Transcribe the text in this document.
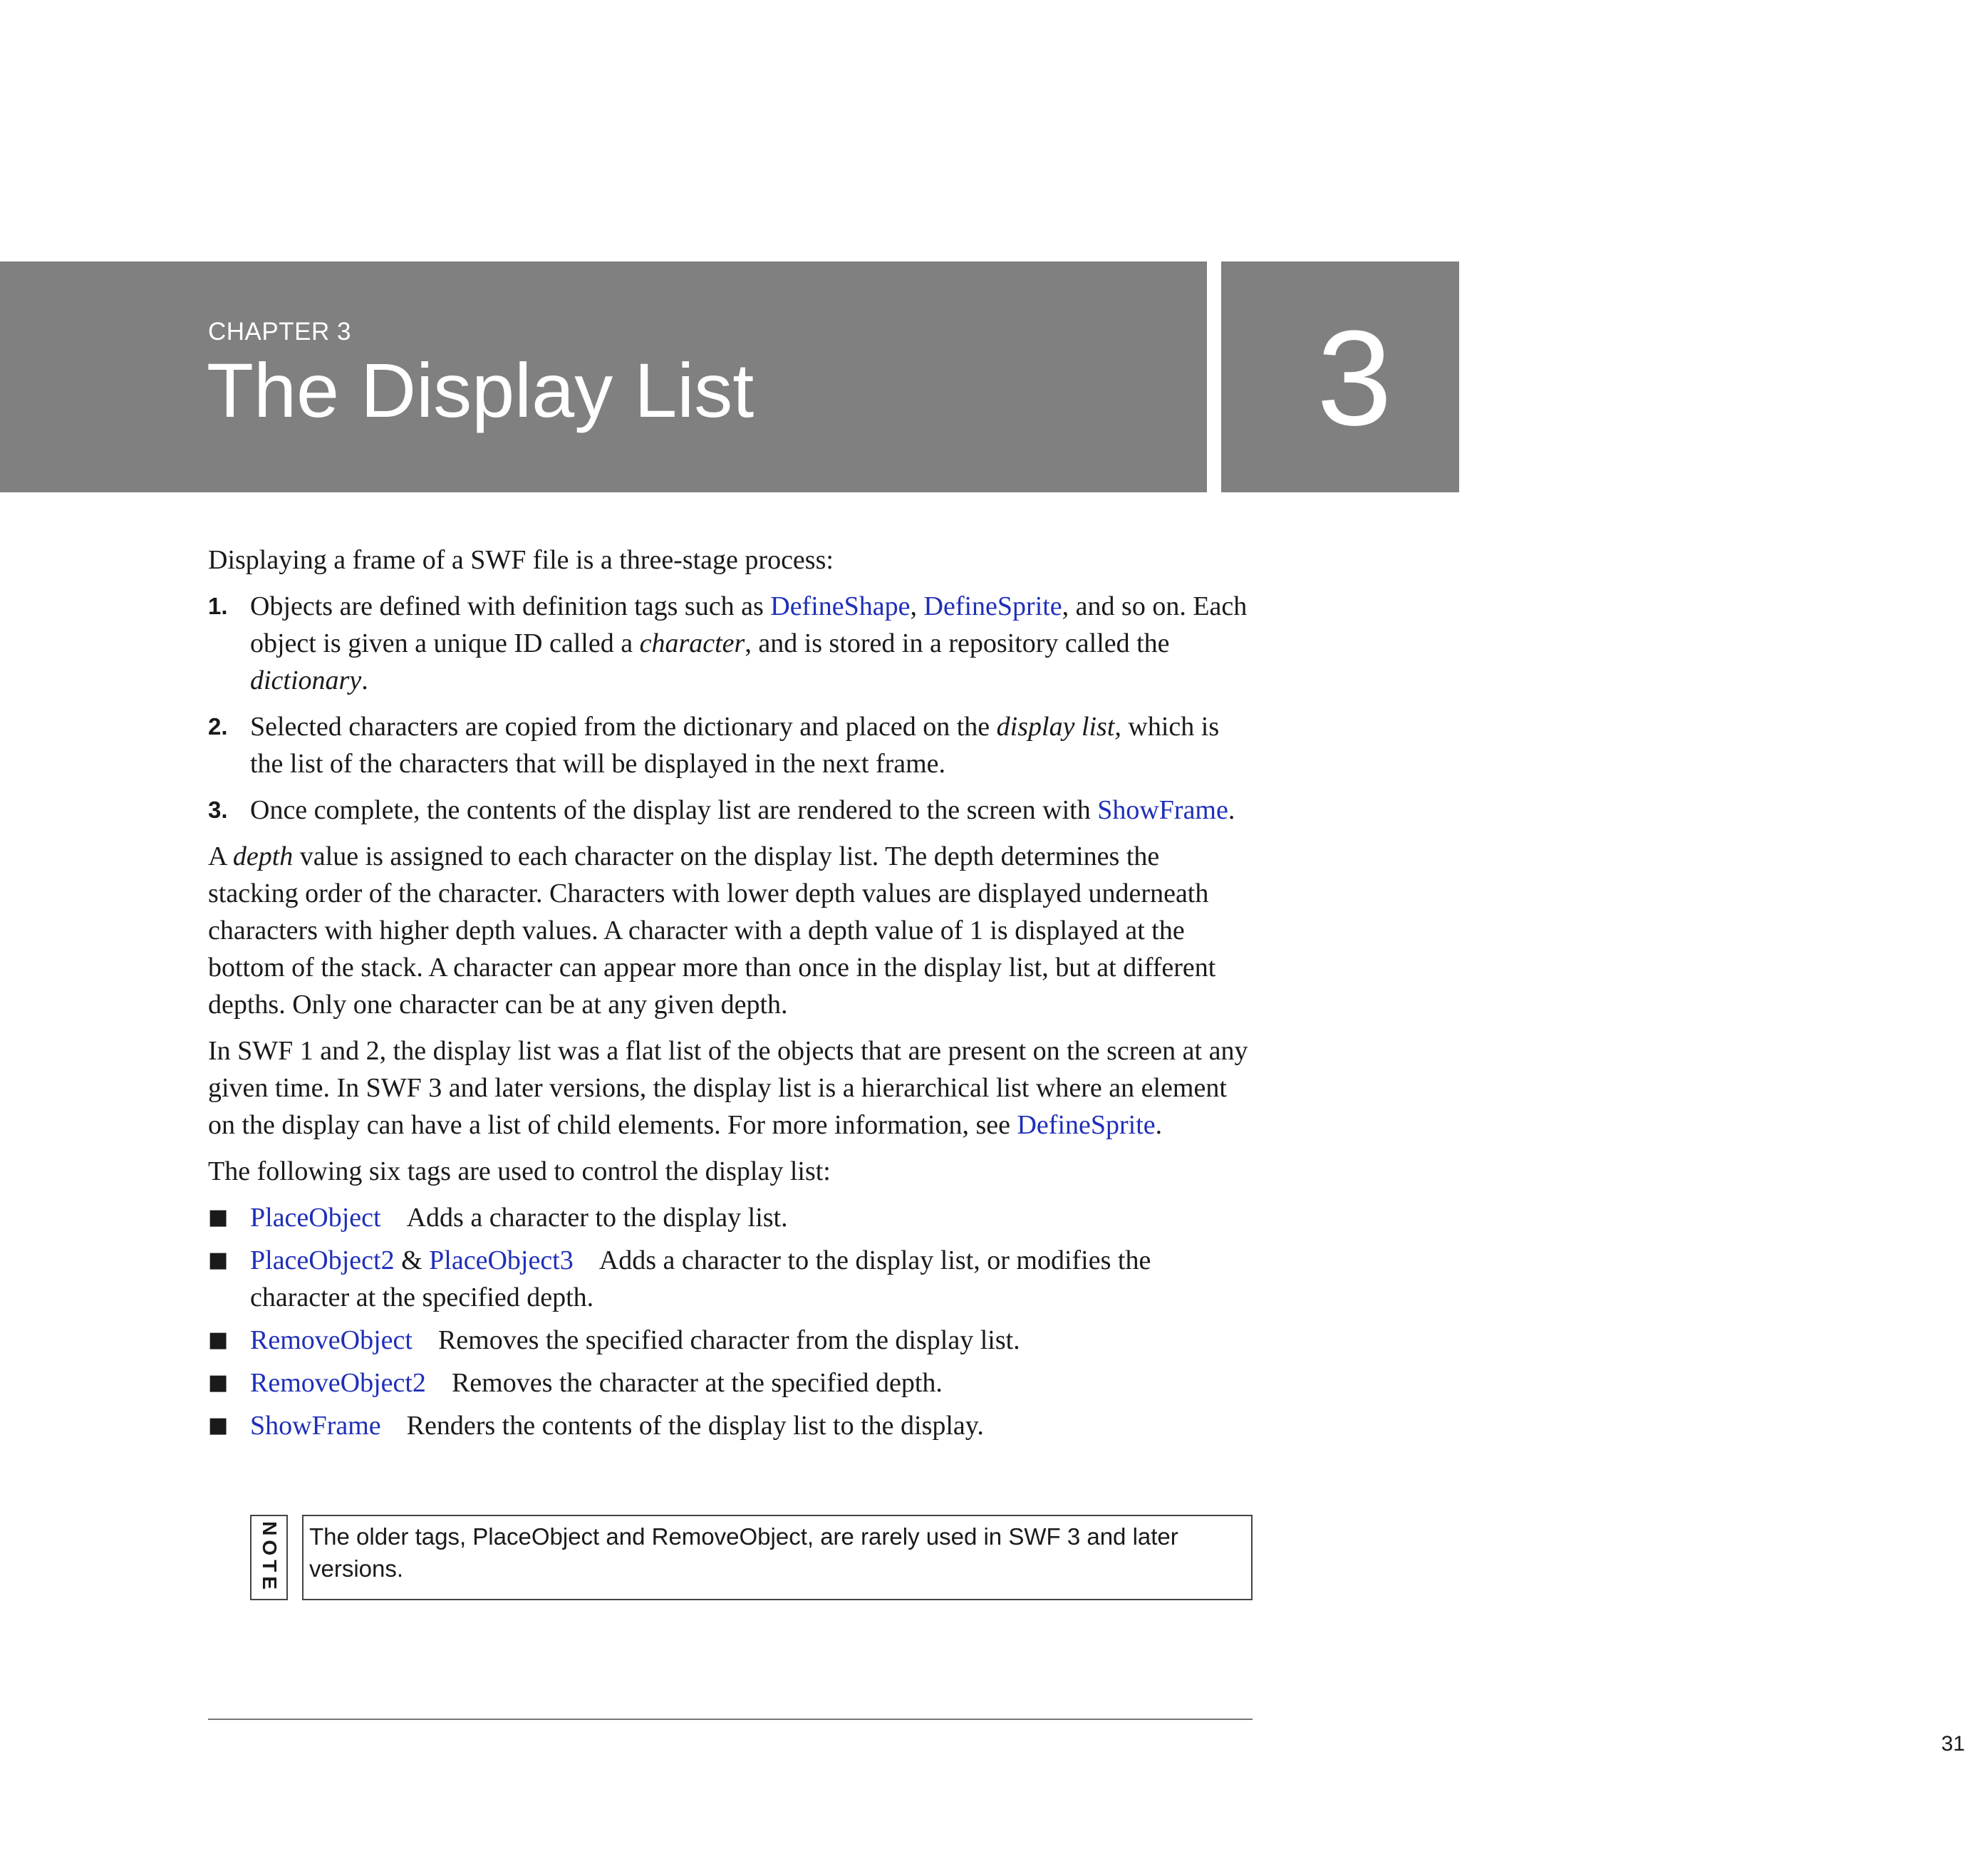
CHAPTER 3
The Display List	3

Displaying a frame of a SWF file is a three-stage process:

1. Objects are defined with definition tags such as DefineShape, DefineSprite, and so on. Each object is given a unique ID called a character, and is stored in a repository called the dictionary.
2. Selected characters are copied from the dictionary and placed on the display list, which is the list of the characters that will be displayed in the next frame.
3. Once complete, the contents of the display list are rendered to the screen with ShowFrame.

A depth value is assigned to each character on the display list. The depth determines the stacking order of the character. Characters with lower depth values are displayed underneath characters with higher depth values. A character with a depth value of 1 is displayed at the bottom of the stack. A character can appear more than once in the display list, but at different depths. Only one character can be at any given depth.

In SWF 1 and 2, the display list was a flat list of the objects that are present on the screen at any given time. In SWF 3 and later versions, the display list is a hierarchical list where an element on the display can have a list of child elements. For more information, see DefineSprite.

The following six tags are used to control the display list:

■ PlaceObject Adds a character to the display list.
■ PlaceObject2 & PlaceObject3 Adds a character to the display list, or modifies the character at the specified depth.
■ RemoveObject Removes the specified character from the display list.
■ RemoveObject2 Removes the character at the specified depth.
■ ShowFrame Renders the contents of the display list to the display.
NOTE	The older tags, PlaceObject and RemoveObject, are rarely used in SWF 3 and later versions.
31
